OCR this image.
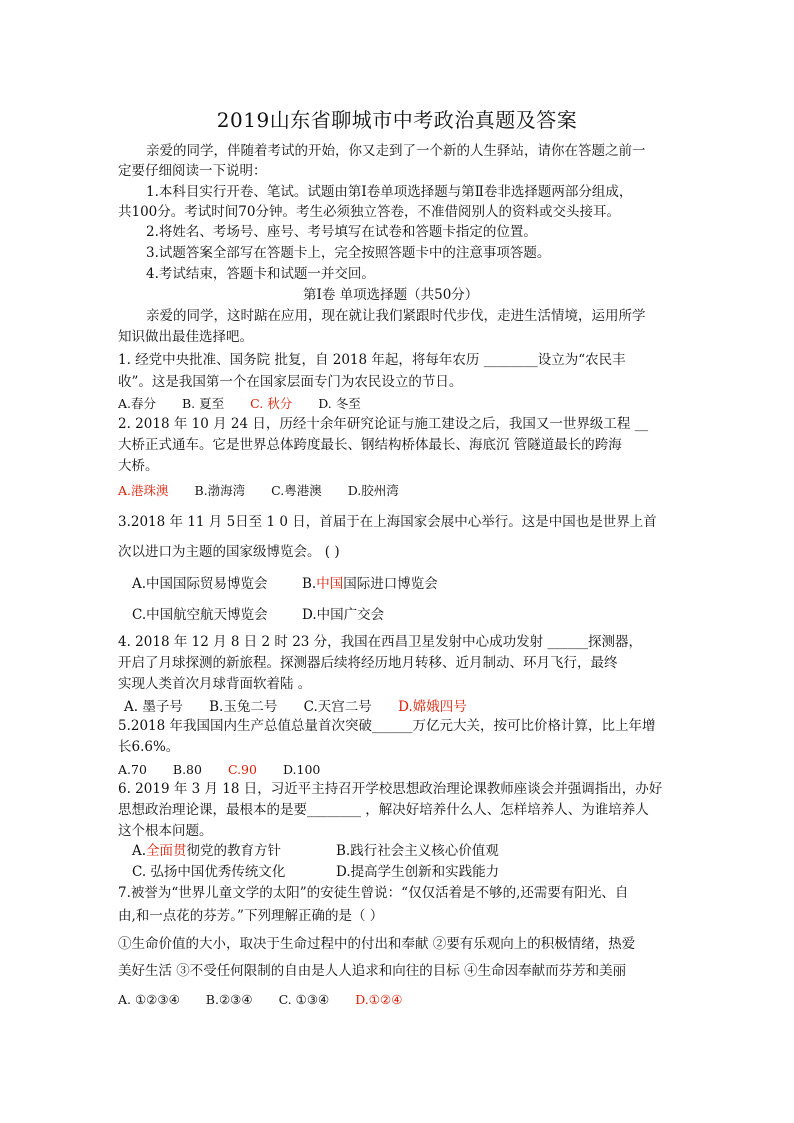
2019山东省聊城市中考政治真题及答案
亲爱的同学，伴随着考试的开始，你又走到了一个新的人生驿站，请你在答题之前一
定要仔细阅读一下说明：
1.本科目实行开卷、笔试。试题由第Ⅰ卷单项选择题与第Ⅱ卷非选择题两部分组成，
共100分。考试时间70分钟。考生必须独立答卷，不准借阅别人的资料或交头接耳。
2.将姓名、考场号、座号、考号填写在试卷和答题卡指定的位置。
3.试题答案全部写在答题卡上，完全按照答题卡中的注意事项答题。
4.考试结束，答题卡和试题一并交回。
第Ⅰ卷 单项选择题（共50分）
亲爱的同学，这时踮在应用，现在就让我们紧跟时代步伐，走进生活情境，运用所学
知识做出最佳选择吧。
1. 经党中央批准、国务院 批复，自 2018 年起，将每年农历 ________设立为“农民丰
收”。这是我国第一个在国家层面专门为农民设立的节日。
A.春分 B. 夏至 C. 秋分 D. 冬至
2. 2018 年 10 月 24 日，历经十余年研究论证与施工建设之后，我国又一世界级工程 __
大桥正式通车。它是世界总体跨度最长、钢结构桥体最长、海底沉 管隧道最长的跨海
大桥。
A.港珠澳 B.渤海湾 C.粤港澳 D.胶州湾
3.2018 年 11 月 5日至 1 0 日，首届于在上海国家会展中心举行。这是中国也是世界上首
次以进口为主题的国家级博览会。 ( )
A.中国国际贸易博览会	B.中国国际进口博览会
C.中国航空航天博览会	D.中国广交会
4. 2018 年 12 月 8 日 2 时 23 分，我国在西昌卫星发射中心成功发射 ______探测器，
开启了月球探测的新旅程。探测器后续将经历地月转移、近月制动、环月飞行，最终
实现人类首次月球背面软着陆 。
A. 墨子号 B.玉兔二号 C.天宫二号 D.嫦娥四号
5.2018 年我国国内生产总值总量首次突破______万亿元大关，按可比价格计算，比上年增
长6.6%。
A.70 B.80 C.90 D.100
6. 2019 年 3 月 18 日，习近平主持召开学校思想政治理论课教师座谈会并强调指出，办好
思想政治理论课，最根本的是要________ ，解决好培养什么人、怎样培养人、为谁培养人
这个根本问题。
A.全面贯彻党的教育方针	B.践行社会主义核心价值观
C. 弘扬中国优秀传统文化	D.提高学生创新和实践能力
7.被誉为“世界儿童文学的太阳”的安徒生曾说：“仅仅活着是不够的,还需要有阳光、自
由,和一点花的芬芳。”下列理解正确的是（ ）
①生命价值的大小，取决于生命过程中的付出和奉献 ②要有乐观向上的积极情绪，热爱
美好生活 ③不受任何限制的自由是人人追求和向往的目标 ④生命因奉献而芬芳和美丽
A. ①②③④ B.②③④ C. ①③④ D.①②④
